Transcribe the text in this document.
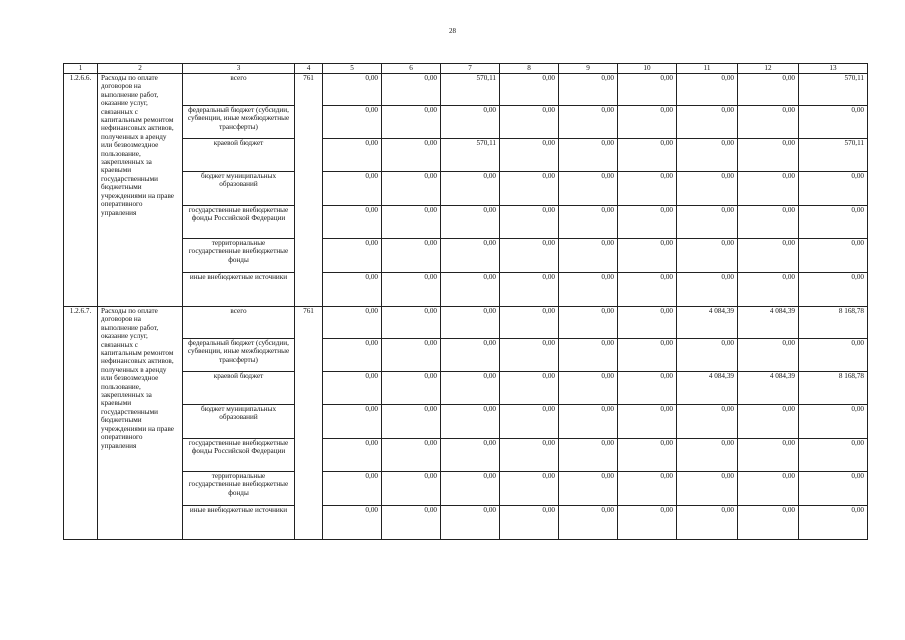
28
1	2	3	4	5	6	7	8	9	10	11	12	13
1.2.6.6.	Расходы по оплате договоров на выполнение работ, оказание услуг, связанных с капитальным ремонтом нефинансовых активов, полученных в аренду или безвозмездное пользование, закрепленных за краевыми государственными бюджетными учреждениями на праве оперативного управления	всего	761	0,00	0,00	570,11	0,00	0,00	0,00	0,00	0,00	570,11
		федеральный бюджет (субсидии, субвенции, иные межбюджетные трансферты)		0,00	0,00	0,00	0,00	0,00	0,00	0,00	0,00	0,00
		краевой бюджет		0,00	0,00	570,11	0,00	0,00	0,00	0,00	0,00	570,11
		бюджет муниципальных образований		0,00	0,00	0,00	0,00	0,00	0,00	0,00	0,00	0,00
		государственные внебюджетные фонды Российской Федерации		0,00	0,00	0,00	0,00	0,00	0,00	0,00	0,00	0,00
		территориальные государственные внебюджетные фонды		0,00	0,00	0,00	0,00	0,00	0,00	0,00	0,00	0,00
		иные внебюджетные источники		0,00	0,00	0,00	0,00	0,00	0,00	0,00	0,00	0,00
1.2.6.7.	Расходы по оплате договоров на выполнение работ, оказание услуг, связанных с капитальным ремонтом нефинансовых активов, полученных в аренду или безвозмездное пользование, закрепленных за краевыми государственными бюджетными учреждениями на праве оперативного управления	всего	761	0,00	0,00	0,00	0,00	0,00	0,00	4 084,39	4 084,39	8 168,78
		федеральный бюджет (субсидии, субвенции, иные межбюджетные трансферты)		0,00	0,00	0,00	0,00	0,00	0,00	0,00	0,00	0,00
		краевой бюджет		0,00	0,00	0,00	0,00	0,00	0,00	4 084,39	4 084,39	8 168,78
		бюджет муниципальных образований		0,00	0,00	0,00	0,00	0,00	0,00	0,00	0,00	0,00
		государственные внебюджетные фонды Российской Федерации		0,00	0,00	0,00	0,00	0,00	0,00	0,00	0,00	0,00
		территориальные государственные внебюджетные фонды		0,00	0,00	0,00	0,00	0,00	0,00	0,00	0,00	0,00
		иные внебюджетные источники		0,00	0,00	0,00	0,00	0,00	0,00	0,00	0,00	0,00
